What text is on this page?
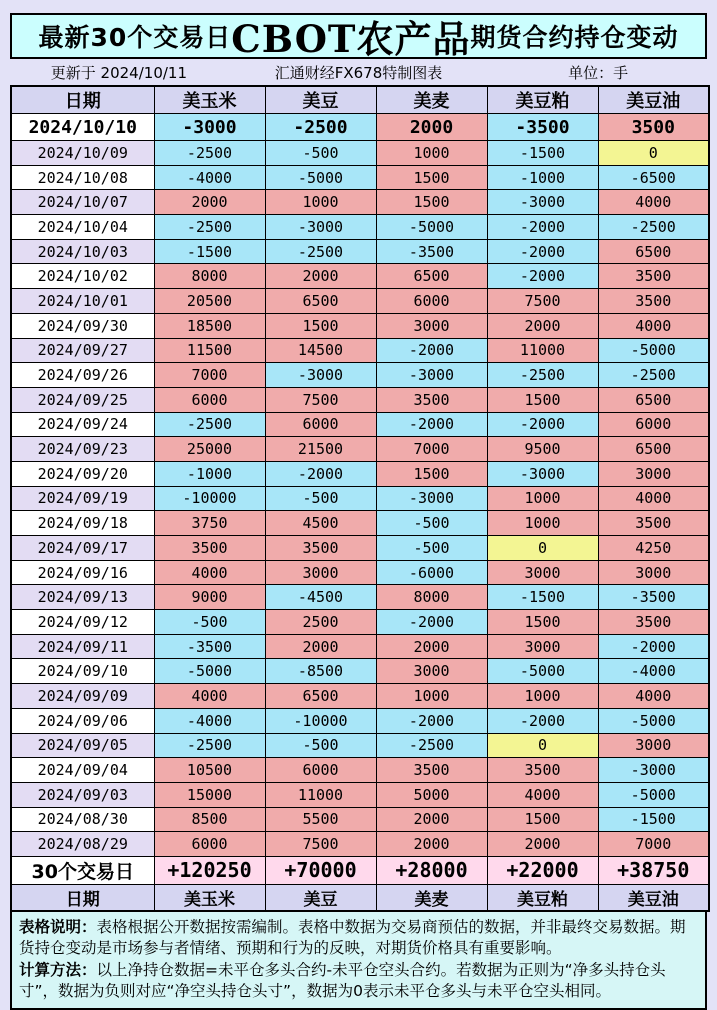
最新30个交易日 CBOT农产品 期货合约持仓变动
更新于 2024/10/11	汇通财经FX678特制图表	单位：手
日期	美玉米	美豆	美麦	美豆粕	美豆油
2024/10/10	-3000	-2500	2000	-3500	3500
2024/10/09	-2500	-500	1000	-1500	0
2024/10/08	-4000	-5000	1500	-1000	-6500
2024/10/07	2000	1000	1500	-3000	4000
2024/10/04	-2500	-3000	-5000	-2000	-2500
2024/10/03	-1500	-2500	-3500	-2000	6500
2024/10/02	8000	2000	6500	-2000	3500
2024/10/01	20500	6500	6000	7500	3500
2024/09/30	18500	1500	3000	2000	4000
2024/09/27	11500	14500	-2000	11000	-5000
2024/09/26	7000	-3000	-3000	-2500	-2500
2024/09/25	6000	7500	3500	1500	6500
2024/09/24	-2500	6000	-2000	-2000	6000
2024/09/23	25000	21500	7000	9500	6500
2024/09/20	-1000	-2000	1500	-3000	3000
2024/09/19	-10000	-500	-3000	1000	4000
2024/09/18	3750	4500	-500	1000	3500
2024/09/17	3500	3500	-500	0	4250
2024/09/16	4000	3000	-6000	3000	3000
2024/09/13	9000	-4500	8000	-1500	-3500
2024/09/12	-500	2500	-2000	1500	3500
2024/09/11	-3500	2000	2000	3000	-2000
2024/09/10	-5000	-8500	3000	-5000	-4000
2024/09/09	4000	6500	1000	1000	4000
2024/09/06	-4000	-10000	-2000	-2000	-5000
2024/09/05	-2500	-500	-2500	0	3000
2024/09/04	10500	6000	3500	3500	-3000
2024/09/03	15000	11000	5000	4000	-5000
2024/08/30	8500	5500	2000	1500	-1500
2024/08/29	6000	7500	2000	2000	7000
30个交易日	+120250	+70000	+28000	+22000	+38750
日期	美玉米	美豆	美麦	美豆粕	美豆油

表格说明：表格根据公开数据按需编制。表格中数据为交易商预估的数据，并非最终交易数据。期货持仓变动是市场参与者情绪、预期和行为的反映，对期货价格具有重要影响。

计算方法：以上净持仓数据=未平仓多头合约-未平仓空头合约。若数据为正则为“净多头持仓头寸”，数据为负则对应“净空头持仓头寸”，数据为0表示未平仓多头与未平仓空头相同。
